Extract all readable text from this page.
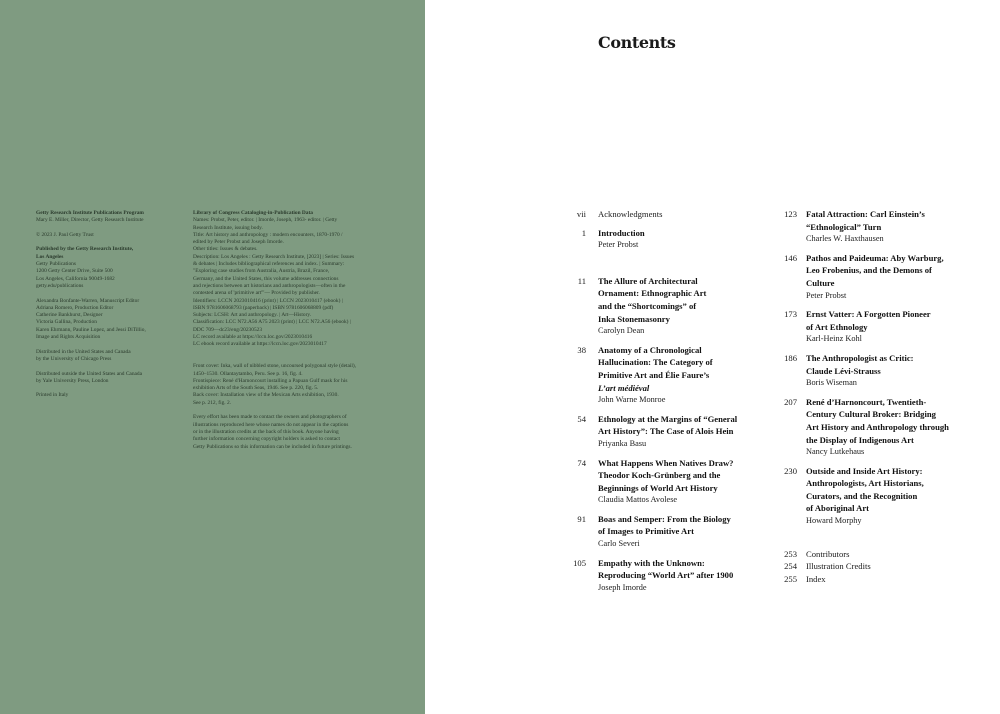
Getty Research Institute Publications Program
Mary E. Miller, Director, Getty Research Institute
© 2023 J. Paul Getty Trust
Published by the Getty Research Institute,
Los Angeles
Getty Publications
1200 Getty Center Drive, Suite 500
Los Angeles, California 90049-1682
getty.edu/publications
Alexandra Bonfante-Warren, Manuscript Editor
Adriana Romero, Production Editor
Catherine Bankhurst, Designer
Victoria Gallina, Production
Karen Ehrmann, Pauline Lopez, and Jessi DiTillio,
Image and Rights Acquisition
Distributed in the United States and Canada
by the University of Chicago Press
Distributed outside the United States and Canada
by Yale University Press, London
Printed in Italy
Library of Congress Cataloging-in-Publication Data
Names: Probst, Peter, editor. | Imorde, Joseph, 1963- editor. | Getty
Research Institute, issuing body.
Title: Art history and anthropology : modern encounters, 1870-1970 /
edited by Peter Probst and Joseph Imorde.
Other titles: Issues & debates.
Description: Los Angeles : Getty Research Institute, [2023] | Series: Issues
& debates | Includes bibliographical references and index. | Summary:
"Exploring case studies from Australia, Austria, Brazil, France,
Germany, and the United States, this volume addresses connections
and rejections between art historians and anthropologists—often in the
contested arena of 'primitive art'"— Provided by publisher.
Identifiers: LCCN 2023010416 (print) | LCCN 2023010417 (ebook) |
ISBN 9781606068793 (paperback) | ISBN 9781606068809 (pdf)
Subjects: LCSH: Art and anthropology. | Art—History.
Classification: LCC N72.A56 A75 2023 (print) | LCC N72.A56 (ebook) |
DDC 709—dc23/eng/20230523
LC record available at https://lccn.loc.gov/2023010416
LC ebook record available at https://lccn.loc.gov/2023010417
Front cover: Inka, wall of nibbled stone, uncoursed polygonal style (detail),
1450–1530. Ollantaytambo, Peru. See p. 16, fig. 4.
Frontispiece: René d'Harnoncourt installing a Papuan Gulf mask for his
exhibition Arts of the South Seas, 1946. See p. 220, fig. 5.
Back cover: Installation view of the Mexican Arts exhibition, 1930.
See p. 212, fig. 2.
Every effort has been made to contact the owners and photographers of
illustrations reproduced here whose names do not appear in the captions
or in the illustration credits at the back of this book. Anyone having
further information concerning copyright holders is asked to contact
Getty Publications so this information can be included in future printings.
Contents
vii Acknowledgments
1 Introduction
Peter Probst
11 The Allure of Architectural
Ornament: Ethnographic Art
and the “Shortcomings” of
Inka Stonemasonry
Carolyn Dean
38 Anatomy of a Chronological
Hallucination: The Category of
Primitive Art and Élie Faure’s
L’art médiéval
John Warne Monroe
54 Ethnology at the Margins of “General
Art History”: The Case of Alois Hein
Priyanka Basu
74 What Happens When Natives Draw?
Theodor Koch-Grünberg and the
Beginnings of World Art History
Claudia Mattos Avolese
91 Boas and Semper: From the Biology
of Images to Primitive Art
Carlo Severi
105 Empathy with the Unknown:
Reproducing “World Art” after 1900
Joseph Imorde
123 Fatal Attraction: Carl Einstein’s
“Ethnological” Turn
Charles W. Haxthausen
146 Pathos and Paideuma: Aby Warburg,
Leo Frobenius, and the Demons of
Culture
Peter Probst
173 Ernst Vatter: A Forgotten Pioneer
of Art Ethnology
Karl-Heinz Kohl
186 The Anthropologist as Critic:
Claude Lévi-Strauss
Boris Wiseman
207 René d’Harnoncourt, Twentieth-
Century Cultural Broker: Bridging
Art History and Anthropology through
the Display of Indigenous Art
Nancy Lutkehaus
230 Outside and Inside Art History:
Anthropologists, Art Historians,
Curators, and the Recognition
of Aboriginal Art
Howard Morphy
253 Contributors
254 Illustration Credits
255 Index
